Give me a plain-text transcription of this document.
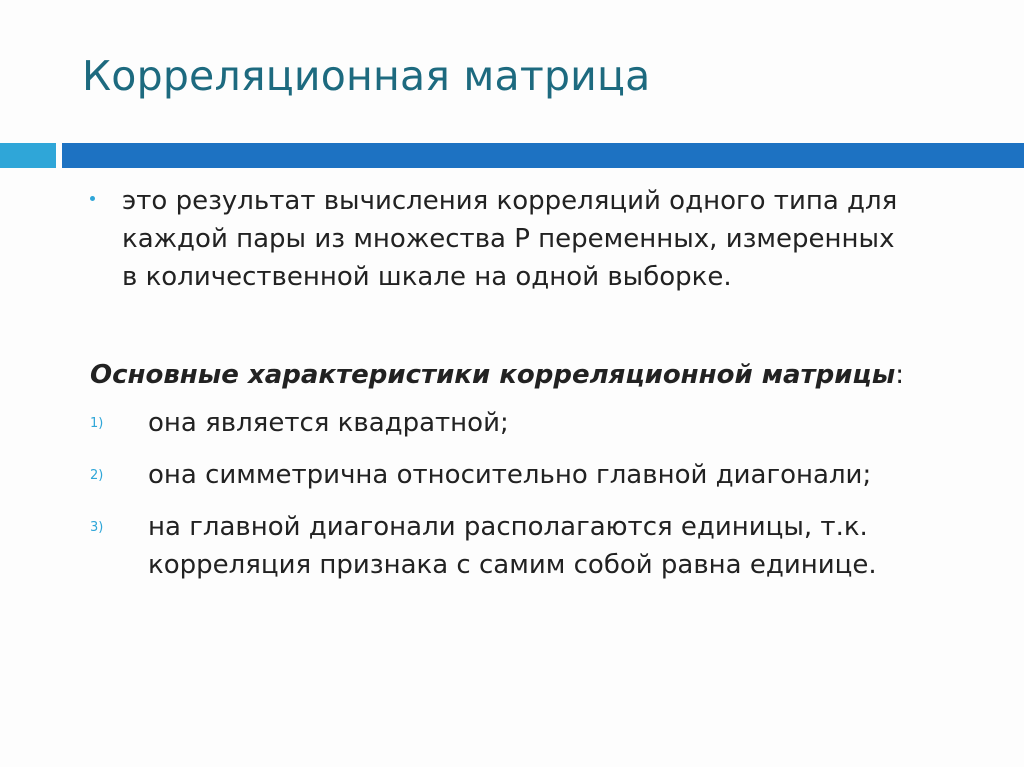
Корреляционная матрица
это результат вычисления корреляций одного типа для
каждой пары из множества Р переменных, измеренных
в количественной шкале на одной выборке.
Основные характеристики корреляционной матрицы:
1) она является квадратной;
2) она симметрична относительно главной диагонали;
3) на главной диагонали располагаются единицы, т.к.
корреляция признака с самим собой равна единице.
